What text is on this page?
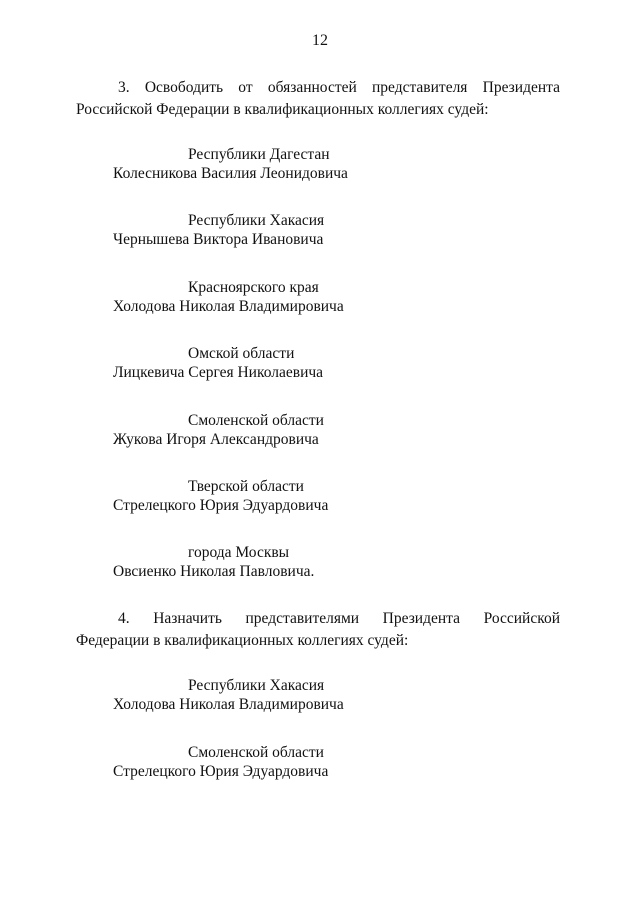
12
3. Освободить от обязанностей представителя Президента
Российской Федерации в квалификационных коллегиях судей:
Республики Дагестан
Колесникова Василия Леонидовича
Республики Хакасия
Чернышева Виктора Ивановича
Красноярского края
Холодова Николая Владимировича
Омской области
Лицкевича Сергея Николаевича
Смоленской области
Жукова Игоря Александровича
Тверской области
Стрелецкого Юрия Эдуардовича
города Москвы
Овсиенко Николая Павловича.
4. Назначить представителями Президента Российской
Федерации в квалификационных коллегиях судей:
Республики Хакасия
Холодова Николая Владимировича
Смоленской области
Стрелецкого Юрия Эдуардовича
